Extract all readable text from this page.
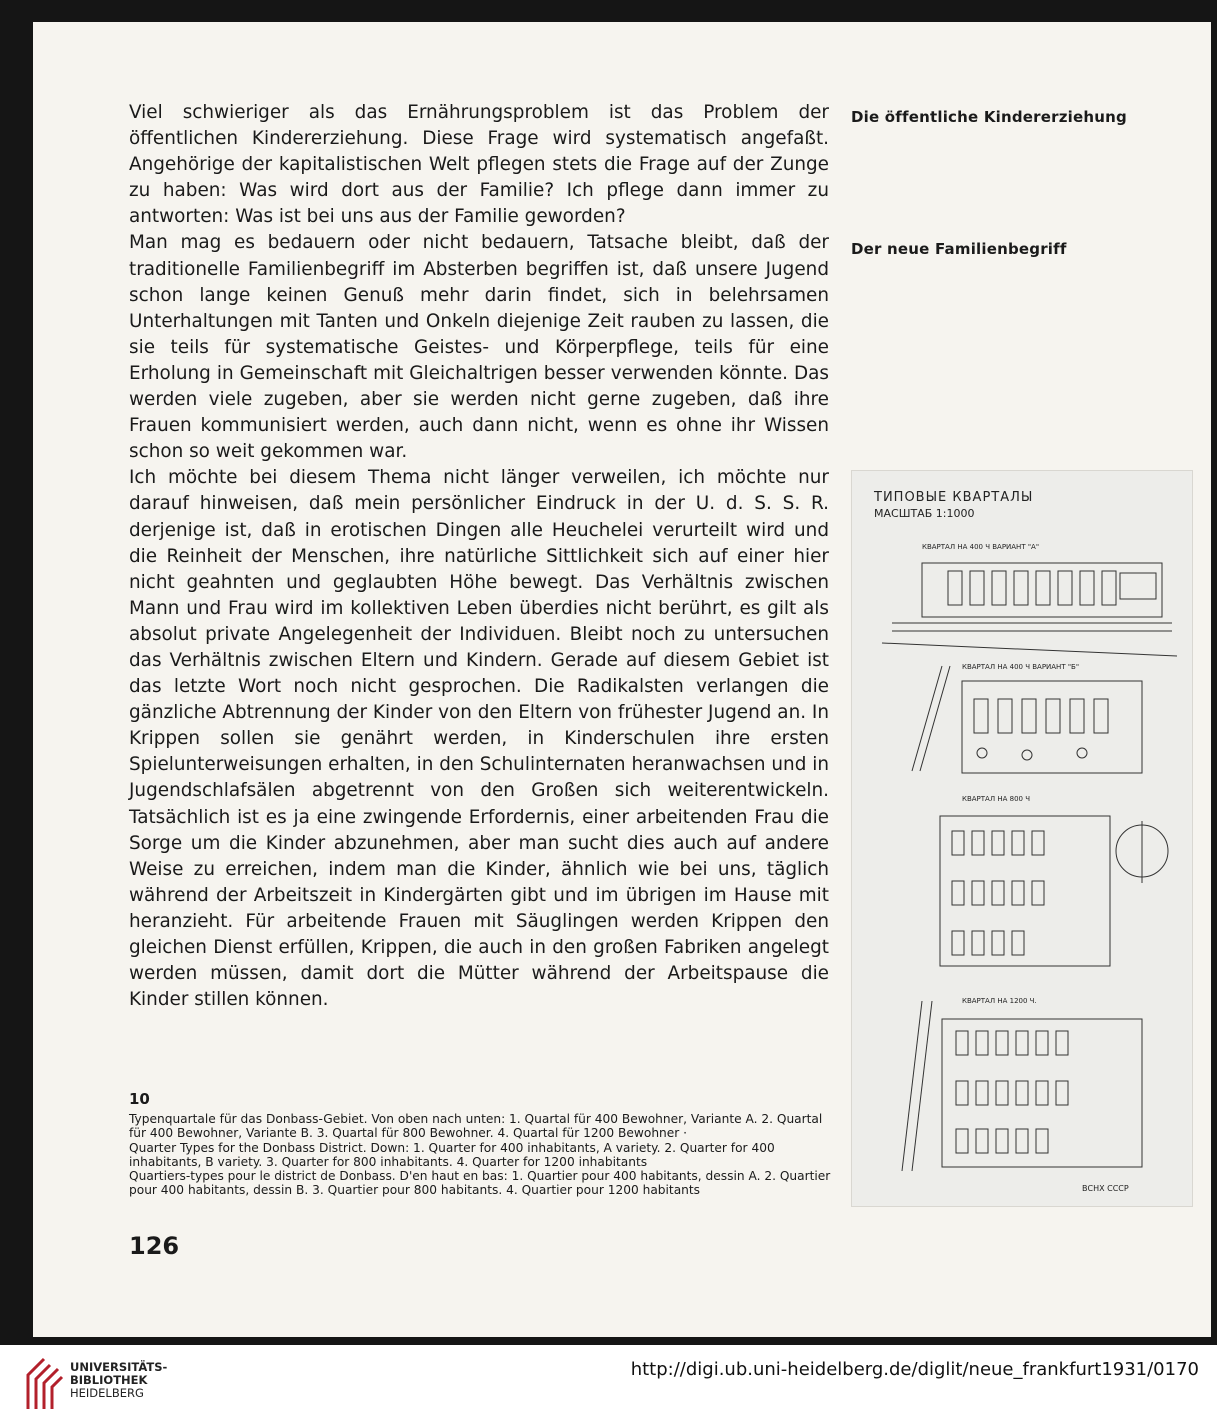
Viel schwieriger als das Ernährungsproblem ist das Problem der öffentlichen Kindererziehung. Diese Frage wird systematisch angefaßt. Angehörige der kapitalistischen Welt pflegen stets die Frage auf der Zunge zu haben: Was wird dort aus der Familie? Ich pflege dann immer zu antworten: Was ist bei uns aus der Familie geworden?

Man mag es bedauern oder nicht bedauern, Tatsache bleibt, daß der traditionelle Familienbegriff im Absterben begriffen ist, daß unsere Jugend schon lange keinen Genuß mehr darin findet, sich in belehrsamen Unterhaltungen mit Tanten und Onkeln diejenige Zeit rauben zu lassen, die sie teils für systematische Geistes- und Körperpflege, teils für eine Erholung in Gemeinschaft mit Gleichaltrigen besser verwenden könnte. Das werden viele zugeben, aber sie werden nicht gerne zugeben, daß ihre Frauen kommunisiert werden, auch dann nicht, wenn es ohne ihr Wissen schon so weit gekommen war.

Ich möchte bei diesem Thema nicht länger verweilen, ich möchte nur darauf hinweisen, daß mein persönlicher Eindruck in der U. d. S. S. R. derjenige ist, daß in erotischen Dingen alle Heuchelei verurteilt wird und die Reinheit der Menschen, ihre natürliche Sittlichkeit sich auf einer hier nicht geahnten und geglaubten Höhe bewegt. Das Verhältnis zwischen Mann und Frau wird im kollektiven Leben überdies nicht berührt, es gilt als absolut private Angelegenheit der Individuen. Bleibt noch zu untersuchen das Verhältnis zwischen Eltern und Kindern. Gerade auf diesem Gebiet ist das letzte Wort noch nicht gesprochen. Die Radikalsten verlangen die gänzliche Abtrennung der Kinder von den Eltern von frühester Jugend an. In Krippen sollen sie genährt werden, in Kinderschulen ihre ersten Spielunterweisungen erhalten, in den Schulinternaten heranwachsen und in Jugendschlafsälen abgetrennt von den Großen sich weiterentwickeln. Tatsächlich ist es ja eine zwingende Erfordernis, einer arbeitenden Frau die Sorge um die Kinder abzunehmen, aber man sucht dies auch auf andere Weise zu erreichen, indem man die Kinder, ähnlich wie bei uns, täglich während der Arbeitszeit in Kindergärten gibt und im übrigen im Hause mit heranzieht. Für arbeitende Frauen mit Säuglingen werden Krippen den gleichen Dienst erfüllen, Krippen, die auch in den großen Fabriken angelegt werden müssen, damit dort die Mütter während der Arbeitspause die Kinder stillen können.

Die öffentliche Kindererziehung
Der neue Familienbegriff
ТИПОВЫЕ КВАРТАЛЫ
МАСШТАБ 1:1000
КВАРТАЛ НА 400 Ч ВАРИАНТ "А"
КВАРТАЛ НА 400 Ч ВАРИАНТ "Б"
КВАРТАЛ НА 800 Ч
КВАРТАЛ НА 1200 Ч.
ВСНХ СССР
10

Typenquartale für das Donbass-Gebiet. Von oben nach unten: 1. Quartal für 400 Bewohner, Variante A. 2. Quartal für 400 Bewohner, Variante B. 3. Quartal für 800 Bewohner. 4. Quartal für 1200 Bewohner ·

Quarter Types for the Donbass District. Down: 1. Quarter for 400 inhabitants, A variety. 2. Quarter for 400 inhabitants, B variety. 3. Quarter for 800 inhabitants. 4. Quarter for 1200 inhabitants

Quartiers-types pour le district de Donbass. D'en haut en bas: 1. Quartier pour 400 habitants, dessin A. 2. Quartier pour 400 habitants, dessin B. 3. Quartier pour 800 habitants. 4. Quartier pour 1200 habitants

126
UNIVERSITÄTS-
BIBLIOTHEK
HEIDELBERG
http://digi.ub.uni-heidelberg.de/diglit/neue_frankfurt1931/0170
